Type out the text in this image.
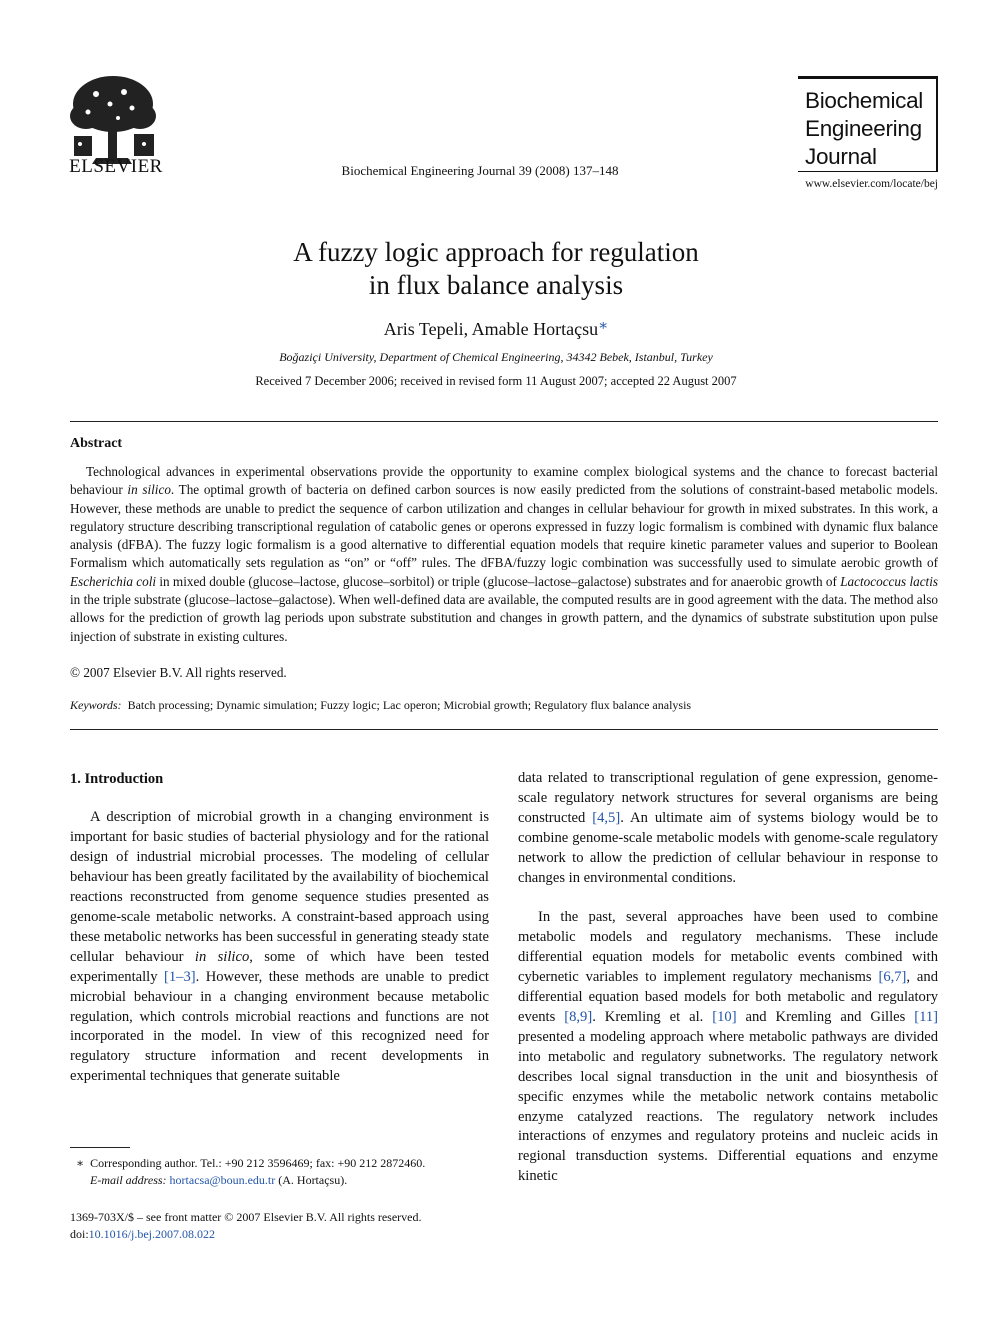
ELSEVIER	Biochemical Engineering Journal 39 (2008) 137–148
Biochemical
Engineering
Journal
www.elsevier.com/locate/bej
A fuzzy logic approach for regulation
in flux balance analysis
Aris Tepeli, Amable Hortaçsu∗
Boğaziçi University, Department of Chemical Engineering, 34342 Bebek, Istanbul, Turkey
Received 7 December 2006; received in revised form 11 August 2007; accepted 22 August 2007
Abstract
Technological advances in experimental observations provide the opportunity to examine complex biological systems and the chance to forecast bacterial behaviour in silico. The optimal growth of bacteria on defined carbon sources is now easily predicted from the solutions of constraint-based metabolic models. However, these methods are unable to predict the sequence of carbon utilization and changes in cellular behaviour for growth in mixed substrates. In this work, a regulatory structure describing transcriptional regulation of catabolic genes or operons expressed in fuzzy logic formalism is combined with dynamic flux balance analysis (dFBA). The fuzzy logic formalism is a good alternative to differential equation models that require kinetic parameter values and superior to Boolean Formalism which automatically sets regulation as “on” or “off” rules. The dFBA/fuzzy logic combination was successfully used to simulate aerobic growth of Escherichia coli in mixed double (glucose–lactose, glucose–sorbitol) or triple (glucose–lactose–galactose) substrates and for anaerobic growth of Lactococcus lactis in the triple substrate (glucose–lactose–galactose). When well-defined data are available, the computed results are in good agreement with the data. The method also allows for the prediction of growth lag periods upon substrate substitution and changes in growth pattern, and the dynamics of substrate substitution upon pulse injection of substrate in existing cultures.
© 2007 Elsevier B.V. All rights reserved.
Keywords: Batch processing; Dynamic simulation; Fuzzy logic; Lac operon; Microbial growth; Regulatory flux balance analysis
1. Introduction
A description of microbial growth in a changing environment is important for basic studies of bacterial physiology and for the rational design of industrial microbial processes. The modeling of cellular behaviour has been greatly facilitated by the availability of biochemical reactions reconstructed from genome sequence studies presented as genome-scale metabolic networks. A constraint-based approach using these metabolic networks has been successful in generating steady state cellular behaviour in silico, some of which have been tested experimentally [1–3]. However, these methods are unable to predict microbial behaviour in a changing environment because metabolic regulation, which controls microbial reactions and functions are not incorporated in the model. In view of this recognized need for regulatory structure information and recent developments in experimental techniques that generate suitable
data related to transcriptional regulation of gene expression, genome-scale regulatory network structures for several organisms are being constructed [4,5]. An ultimate aim of systems biology would be to combine genome-scale metabolic models with genome-scale regulatory network to allow the prediction of cellular behaviour in response to changes in environmental conditions.
In the past, several approaches have been used to combine metabolic models and regulatory mechanisms. These include differential equation models for metabolic events combined with cybernetic variables to implement regulatory mechanisms [6,7], and differential equation based models for both metabolic and regulatory events [8,9]. Kremling et al. [10] and Kremling and Gilles [11] presented a modeling approach where metabolic pathways are divided into metabolic and regulatory subnetworks. The regulatory network describes local signal transduction in the unit and biosynthesis of specific enzymes while the metabolic network contains metabolic enzyme catalyzed reactions. The regulatory network includes interactions of enzymes and regulatory proteins and nucleic acids in regional transduction systems. Differential equations and enzyme kinetic
∗ Corresponding author. Tel.: +90 212 3596469; fax: +90 212 2872460.
E-mail address: hortacsa@boun.edu.tr (A. Hortaçsu).
1369-703X/$ – see front matter © 2007 Elsevier B.V. All rights reserved.
doi:10.1016/j.bej.2007.08.022
